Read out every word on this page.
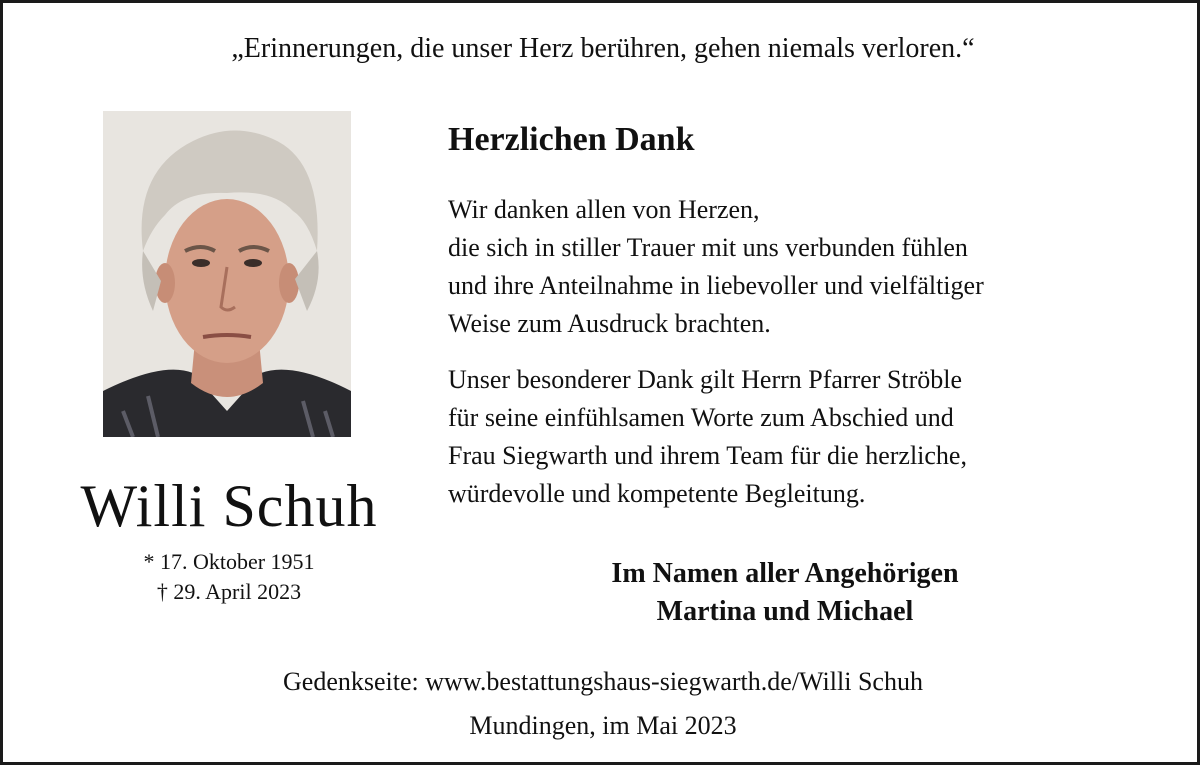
„Erinnerungen, die unser Herz berühren, gehen niemals verloren.“
Willi Schuh
* 17. Oktober 1951
† 29. April 2023
Herzlichen Dank
Wir danken allen von Herzen,
die sich in stiller Trauer mit uns verbunden fühlen
und ihre Anteilnahme in liebevoller und vielfältiger
Weise zum Ausdruck brachten.
Unser besonderer Dank gilt Herrn Pfarrer Ströble
für seine einfühlsamen Worte zum Abschied und
Frau Siegwarth und ihrem Team für die herzliche,
würdevolle und kompetente Begleitung.
Im Namen aller Angehörigen
Martina und Michael
Gedenkseite: www.bestattungshaus-siegwarth.de/Willi Schuh
Mundingen, im Mai 2023
